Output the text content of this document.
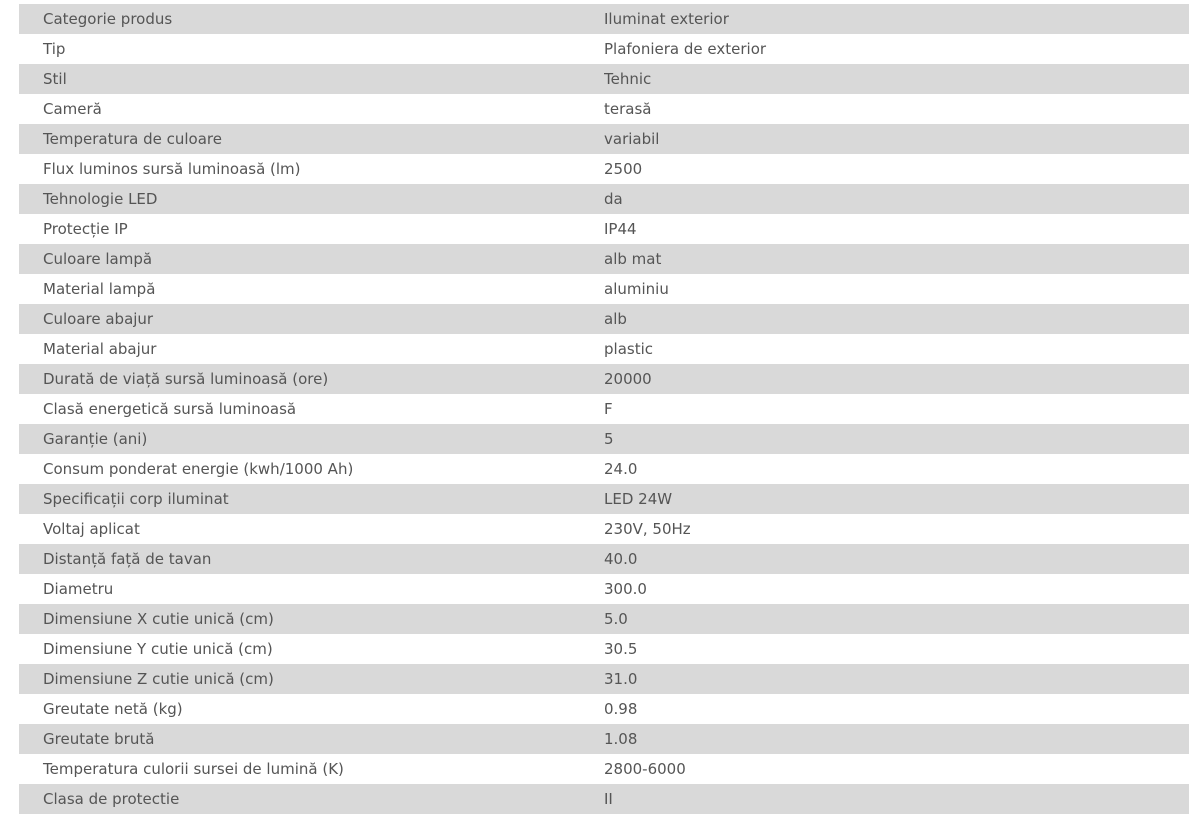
Categorie produs	Iluminat exterior
Tip	Plafoniera de exterior
Stil	Tehnic
Cameră	terasă
Temperatura de culoare	variabil
Flux luminos sursă luminoasă (lm)	2500
Tehnologie LED	da
Protecție IP	IP44
Culoare lampă	alb mat
Material lampă	aluminiu
Culoare abajur	alb
Material abajur	plastic
Durată de viață sursă luminoasă (ore)	20000
Clasă energetică sursă luminoasă	F
Garanție (ani)	5
Consum ponderat energie (kwh/1000 Ah)	24.0
Specificații corp iluminat	LED 24W
Voltaj aplicat	230V, 50Hz
Distanță față de tavan	40.0
Diametru	300.0
Dimensiune X cutie unică (cm)	5.0
Dimensiune Y cutie unică (cm)	30.5
Dimensiune Z cutie unică (cm)	31.0
Greutate netă (kg)	0.98
Greutate brută	1.08
Temperatura culorii sursei de lumină (K)	2800-6000
Clasa de protectie	II
